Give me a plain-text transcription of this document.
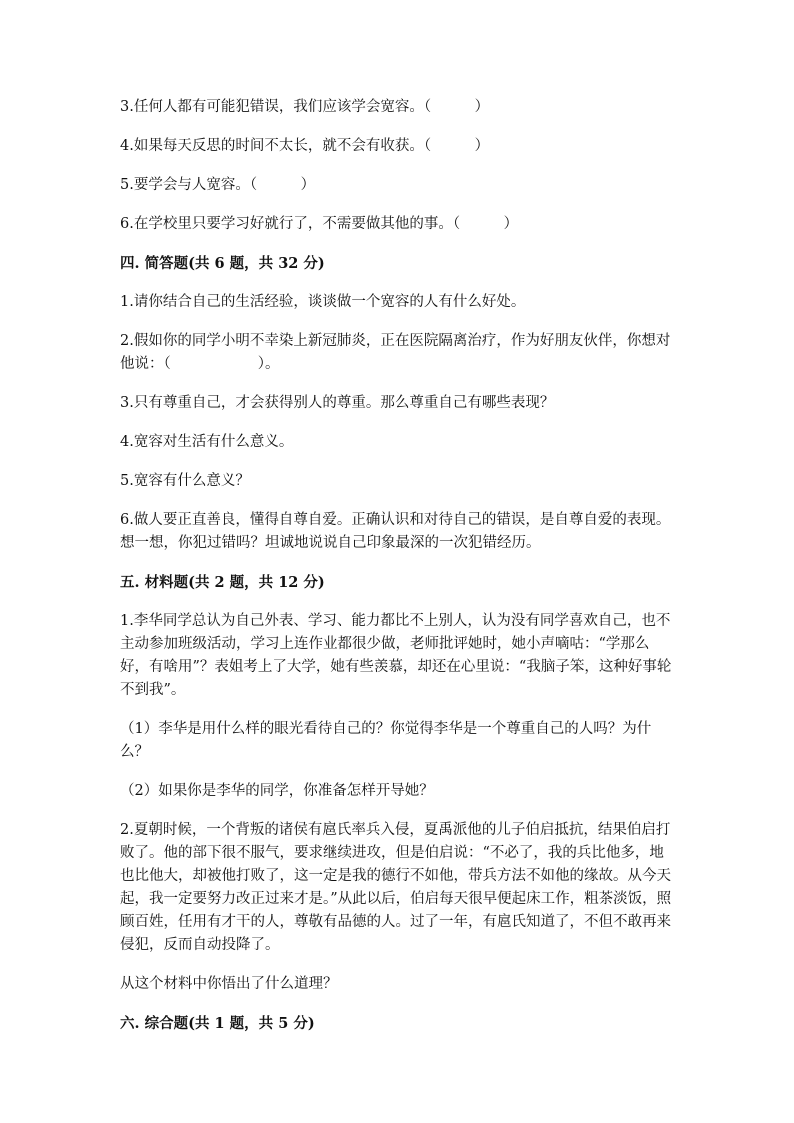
3.任何人都有可能犯错误，我们应该学会宽容。（　　　）

4.如果每天反思的时间不太长，就不会有收获。（　　　）

5.要学会与人宽容。（　　　）

6.在学校里只要学习好就行了，不需要做其他的事。（　　　）

四. 简答题(共 6 题，共 32 分)

1.请你结合自己的生活经验，谈谈做一个宽容的人有什么好处。

2.假如你的同学小明不幸染上新冠肺炎，正在医院隔离治疗，作为好朋友伙伴，你想对他说：（　　　　　　）。

3.只有尊重自己，才会获得别人的尊重。那么尊重自己有哪些表现？

4.宽容对生活有什么意义。

5.宽容有什么意义？

6.做人要正直善良，懂得自尊自爱。正确认识和对待自己的错误，是自尊自爱的表现。想一想，你犯过错吗？坦诚地说说自己印象最深的一次犯错经历。

五. 材料题(共 2 题，共 12 分)

1.李华同学总认为自己外表、学习、能力都比不上别人，认为没有同学喜欢自己，也不主动参加班级活动，学习上连作业都很少做，老师批评她时，她小声嘀咕：“学那么好，有啥用”？表姐考上了大学，她有些羡慕，却还在心里说：“我脑子笨，这种好事轮不到我”。

（1）李华是用什么样的眼光看待自己的？你觉得李华是一个尊重自己的人吗？为什么？

（2）如果你是李华的同学，你准备怎样开导她？

2.夏朝时候，一个背叛的诸侯有扈氏率兵入侵，夏禹派他的儿子伯启抵抗，结果伯启打败了。他的部下很不服气，要求继续进攻，但是伯启说：“不必了，我的兵比他多，地也比他大，却被他打败了，这一定是我的德行不如他，带兵方法不如他的缘故。从今天起，我一定要努力改正过来才是。”从此以后，伯启每天很早便起床工作，粗茶淡饭，照顾百姓，任用有才干的人，尊敬有品德的人。过了一年，有扈氏知道了，不但不敢再来侵犯，反而自动投降了。

从这个材料中你悟出了什么道理？

六. 综合题(共 1 题，共 5 分)
